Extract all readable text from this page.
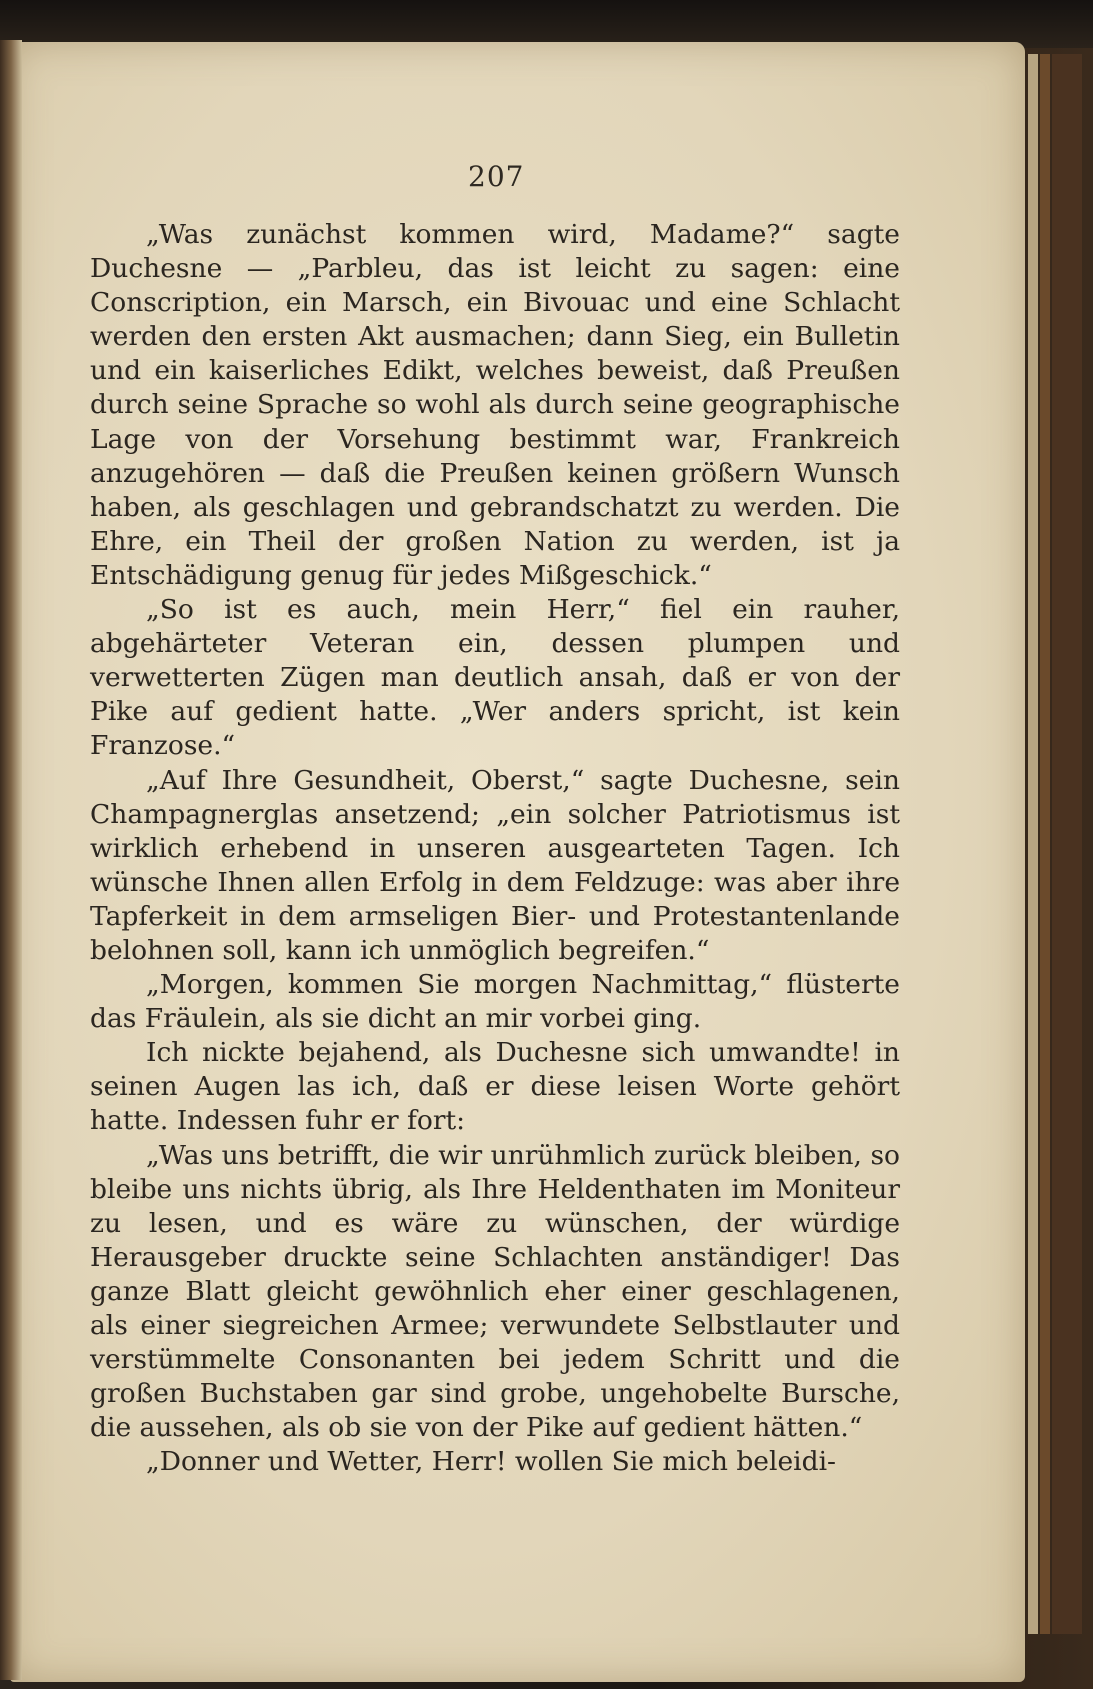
207

„Was zunächst kommen wird, Madame?“ sagte Duchesne — „Parbleu, das ist leicht zu sagen: eine Conscription, ein Marsch, ein Bivouac und eine Schlacht werden den ersten Akt ausmachen; dann Sieg, ein Bulletin und ein kaiserliches Edikt, welches beweist, daß Preußen durch seine Sprache so wohl als durch seine geographische Lage von der Vorsehung bestimmt war, Frankreich anzugehören — daß die Preußen keinen größern Wunsch haben, als geschlagen und gebrandschatzt zu werden. Die Ehre, ein Theil der großen Nation zu werden, ist ja Entschädigung genug für jedes Mißgeschick.“

„So ist es auch, mein Herr,“ fiel ein rauher, abgehärteter Veteran ein, dessen plumpen und verwetterten Zügen man deutlich ansah, daß er von der Pike auf gedient hatte. „Wer anders spricht, ist kein Franzose.“

„Auf Ihre Gesundheit, Oberst,“ sagte Duchesne, sein Champagnerglas ansetzend; „ein solcher Patriotismus ist wirklich erhebend in unseren ausgearteten Tagen. Ich wünsche Ihnen allen Erfolg in dem Feldzuge: was aber ihre Tapferkeit in dem armseligen Bier- und Protestantenlande belohnen soll, kann ich unmöglich begreifen.“

„Morgen, kommen Sie morgen Nachmittag,“ flüsterte das Fräulein, als sie dicht an mir vorbei ging.

Ich nickte bejahend, als Duchesne sich umwandte! in seinen Augen las ich, daß er diese leisen Worte gehört hatte. Indessen fuhr er fort:

„Was uns betrifft, die wir unrühmlich zurück bleiben, so bleibe uns nichts übrig, als Ihre Heldenthaten im Moniteur zu lesen, und es wäre zu wünschen, der würdige Herausgeber druckte seine Schlachten anständiger! Das ganze Blatt gleicht gewöhnlich eher einer geschlagenen, als einer siegreichen Armee; verwundete Selbstlauter und verstümmelte Consonanten bei jedem Schritt und die großen Buchstaben gar sind grobe, ungehobelte Bursche, die aussehen, als ob sie von der Pike auf gedient hätten.“

„Donner und Wetter, Herr! wollen Sie mich beleidi-
